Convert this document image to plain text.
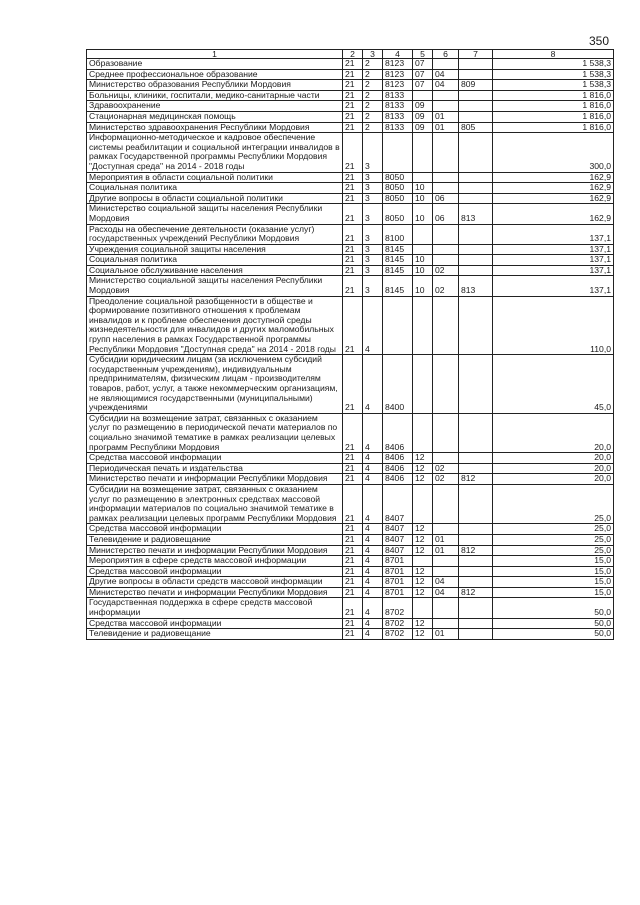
350
1	2	3	4	5	6	7	8
Образование	21	2	8123	07			1 538,3
Среднее профессиональное образование	21	2	8123	07	04		1 538,3
Министерство образования Республики Мордовия	21	2	8123	07	04	809	1 538,3
Больницы, клиники, госпитали, медико-санитарные части	21	2	8133				1 816,0
Здравоохранение	21	2	8133	09			1 816,0
Стационарная медицинская помощь	21	2	8133	09	01		1 816,0
Министерство здравоохранения Республики Мордовия	21	2	8133	09	01	805	1 816,0
Информационно-методическое и кадровое обеспечение системы реабилитации и социальной интеграции инвалидов в рамках Государственной программы Республики Мордовия "Доступная среда" на 2014 - 2018 годы	21	3					300,0
Мероприятия в области социальной политики	21	3	8050				162,9
Социальная политика	21	3	8050	10			162,9
Другие вопросы в области социальной политики	21	3	8050	10	06		162,9
Министерство социальной защиты населения Республики Мордовия	21	3	8050	10	06	813	162,9
Расходы на обеспечение деятельности (оказание услуг) государственных учреждений Республики Мордовия	21	3	8100				137,1
Учреждения социальной защиты населения	21	3	8145				137,1
Социальная политика	21	3	8145	10			137,1
Социальное обслуживание населения	21	3	8145	10	02		137,1
Министерство социальной защиты населения Республики Мордовия	21	3	8145	10	02	813	137,1
Преодоление социальной разобщенности в обществе и формирование позитивного отношения к проблемам инвалидов и к проблеме обеспечения доступной среды жизнедеятельности для инвалидов и других маломобильных групп населения в рамках Государственной программы Республики Мордовия "Доступная среда" на 2014 - 2018 годы	21	4					110,0
Субсидии юридическим лицам (за исключением субсидий государственным учреждениям), индивидуальным предпринимателям, физическим лицам - производителям товаров, работ, услуг, а также некоммерческим организациям, не являющимися государственными (муниципальными) учреждениями	21	4	8400				45,0
Субсидии на возмещение затрат, связанных с оказанием услуг по размещению в периодической печати материалов по социально значимой тематике в рамках реализации целевых программ Республики Мордовия	21	4	8406				20,0
Средства массовой информации	21	4	8406	12			20,0
Периодическая печать и издательства	21	4	8406	12	02		20,0
Министерство печати и информации Республики Мордовия	21	4	8406	12	02	812	20,0
Субсидии на возмещение затрат, связанных с оказанием услуг по размещению в электронных средствах массовой информации материалов по социально значимой тематике в рамках реализации целевых программ Республики Мордовия	21	4	8407				25,0
Средства массовой информации	21	4	8407	12			25,0
Телевидение и радиовещание	21	4	8407	12	01		25,0
Министерство печати и информации Республики Мордовия	21	4	8407	12	01	812	25,0
Мероприятия в сфере средств массовой информации	21	4	8701				15,0
Средства массовой информации	21	4	8701	12			15,0
Другие вопросы в области средств массовой информации	21	4	8701	12	04		15,0
Министерство печати и информации Республики Мордовия	21	4	8701	12	04	812	15,0
Государственная поддержка в сфере средств массовой информации	21	4	8702				50,0
Средства массовой информации	21	4	8702	12			50,0
Телевидение и радиовещание	21	4	8702	12	01		50,0
